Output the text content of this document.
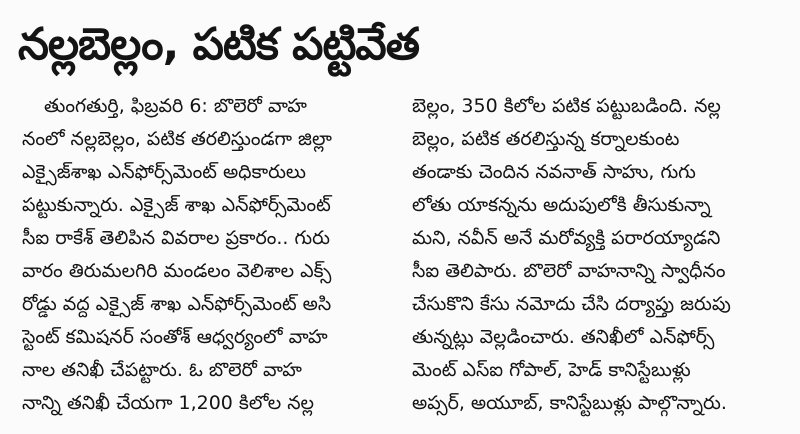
నల్లబెల్లం, పటిక పట్టివేత
తుంగతుర్తి, ఫిబ్రవరి 6: బొలెరో వాహ
నంలో నల్లబెల్లం, పటిక తరలిస్తుండగా జిల్లా
ఎక్సైజ్‌శాఖ ఎన్‌ఫోర్స్‌మెంట్ అధికారులు
పట్టుకున్నారు. ఎక్సైజ్ శాఖ ఎన్‌ఫోర్స్‌మెంట్
సీఐ రాకేశ్ తెలిపిన వివరాల ప్రకారం.. గురు
వారం తిరుమలగిరి మండలం వెలిశాల ఎక్స్
రోడ్డు వద్ద ఎక్సైజ్ శాఖ ఎన్‌ఫోర్స్‌మెంట్ అసి
స్టెంట్ కమిషనర్ సంతోశ్ ఆధ్వర్యంలో వాహ
నాల తనిఖీ చేపట్టారు. ఓ బొలెరో వాహ
నాన్ని తనిఖీ చేయగా 1,200 కిలోల నల్ల
బెల్లం, 350 కిలోల పటిక పట్టుబడింది. నల్ల
బెల్లం, పటిక తరలిస్తున్న కర్నాలకుంట
తండాకు చెందిన నవనాత్ సాహు, గుగు
లోతు యాకన్నను అదుపులోకి తీసుకున్నా
మని, నవీన్ అనే మరోవ్యక్తి పరారయ్యాడని
సీఐ తెలిపారు. బొలెరో వాహనాన్ని స్వాధీనం
చేసుకొని కేసు నమోదు చేసి దర్యాప్తు జరుపు
తున్నట్లు వెల్లడించారు. తనిఖీలో ఎన్‌ఫోర్స్
మెంట్ ఎస్ఐ గోపాల్, హెడ్ కానిస్టేబుళ్లు
అప్సర్, అయూబ్, కానిస్టేబుళ్లు పాల్గొన్నారు.
